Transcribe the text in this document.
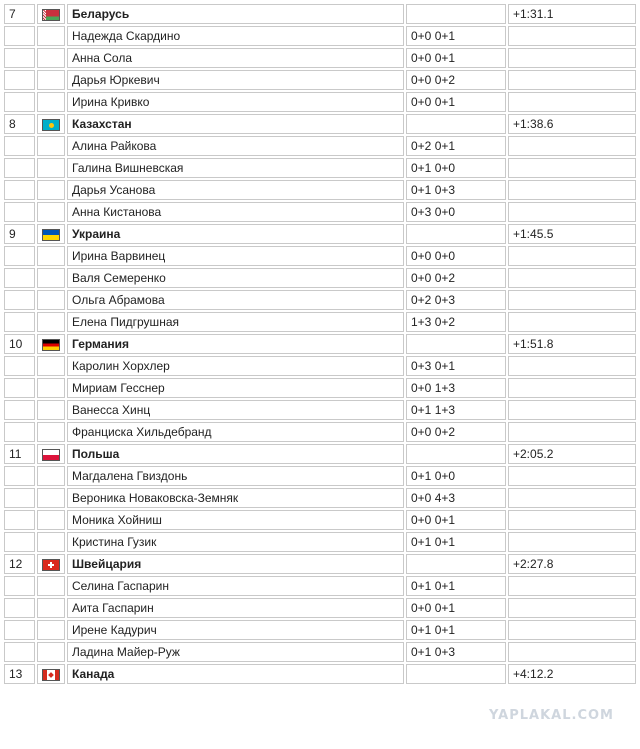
7		Беларусь		+1:31.1
		Надежда Скардино	0+0 0+1	
		Анна Сола	0+0 0+1	
		Дарья Юркевич	0+0 0+2	
		Ирина Кривко	0+0 0+1	
8		Казахстан		+1:38.6
		Алина Райкова	0+2 0+1	
		Галина Вишневская	0+1 0+0	
		Дарья Усанова	0+1 0+3	
		Анна Кистанова	0+3 0+0	
9		Украина		+1:45.5
		Ирина Варвинец	0+0 0+0	
		Валя Семеренко	0+0 0+2	
		Ольга Абрамова	0+2 0+3	
		Елена Пидгрушная	1+3 0+2	
10		Германия		+1:51.8
		Каролин Хорхлер	0+3 0+1	
		Мириам Гесснер	0+0 1+3	
		Ванесса Хинц	0+1 1+3	
		Франциска Хильдебранд	0+0 0+2	
11		Польша		+2:05.2
		Магдалена Гвиздонь	0+1 0+0	
		Вероника Новаковска-Земняк	0+0 4+3	
		Моника Хойниш	0+0 0+1	
		Кристина Гузик	0+1 0+1	
12		Швейцария		+2:27.8
		Селина Гаспарин	0+1 0+1	
		Аита Гаспарин	0+0 0+1	
		Ирене Кадурич	0+1 0+1	
		Ладина Майер-Руж	0+1 0+3	
13		Канада		+4:12.2
YAPLAKAL.COM
